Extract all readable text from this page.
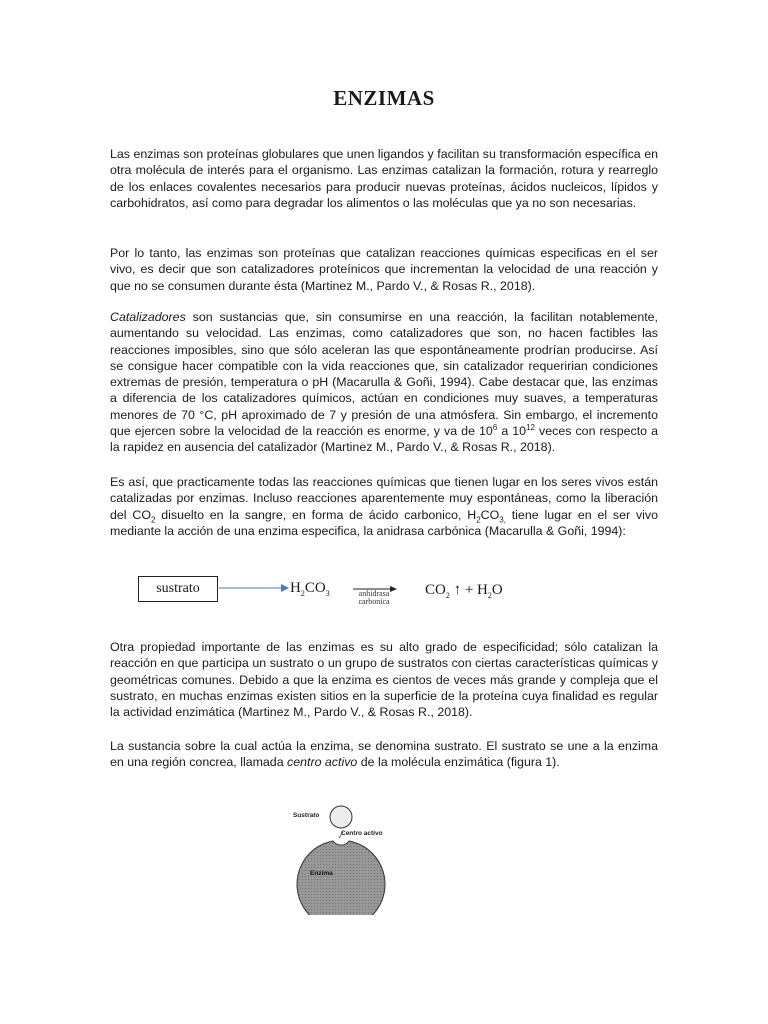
ENZIMAS

Las enzimas son proteínas globulares que unen ligandos y facilitan su transformación específica en otra molécula de interés para el organismo. Las enzimas catalizan la formación, rotura y rearreglo de los enlaces covalentes necesarios para producir nuevas proteínas, ácidos nucleicos, lípidos y carbohidratos, así como para degradar los alimentos o las moléculas que ya no son necesarias.

Por lo tanto, las enzimas son proteínas que catalizan reacciones químicas especificas en el ser vivo, es decir que son catalizadores proteínicos que incrementan la velocidad de una reacción y que no se consumen durante ésta (Martinez M., Pardo V., & Rosas R., 2018).

Catalizadores son sustancias que, sin consumirse en una reacción, la facilitan notablemente, aumentando su velocidad. Las enzimas, como catalizadores que son, no hacen factibles las reacciones imposibles, sino que sólo aceleran las que espontáneamente prodrían producirse. Así se consigue hacer compatible con la vida reacciones que, sin catalizador requeririan condiciones extremas de presión, temperatura o pH (Macarulla & Goñi, 1994). Cabe destacar que, las enzimas a diferencia de los catalizadores químicos, actúan en condiciones muy suaves, a temperaturas menores de 70 °C, pH aproximado de 7 y presión de una atmósfera. Sin embargo, el incremento que ejercen sobre la velocidad de la reacción es enorme, y va de $10^6$ a $10^{12}$ veces con respecto a la rapidez en ausencia del catalizador (Martinez M., Pardo V., & Rosas R., 2018).

Es así, que practicamente todas las reacciones químicas que tienen lugar en los seres vivos están catalizadas por enzimas. Incluso reacciones aparentemente muy espontáneas, como la liberación del $CO_2$ disuelto en la sangre, en forma de ácido carbonico, $H_2CO_{3,}$ tiene lugar en el ser vivo mediante la acción de una enzima especifica, la anidrasa carbónica (Macarulla & Goñi, 1994):

sustrato	$H_2CO_3$ →
anhidrasa
carbonica
$CO_2$ ↑ + $H_2O$

Otra propiedad importante de las enzimas es su alto grado de especificidad; sólo catalizan la reacción en que participa un sustrato o un grupo de sustratos con ciertas características químicas y geométricas comunes. Debido a que la enzima es cientos de veces más grande y compleja que el sustrato, en muchas enzimas existen sitios en la superficie de la proteína cuya finalidad es regular la actividad enzimática (Martinez M., Pardo V., & Rosas R., 2018).

La sustancia sobre la cual actúa la enzima, se denomina sustrato. El sustrato se une a la enzima en una región concrea, llamada centro activo de la molécula enzimática (figura 1).

Sustrato
Centro activo
Enzima
